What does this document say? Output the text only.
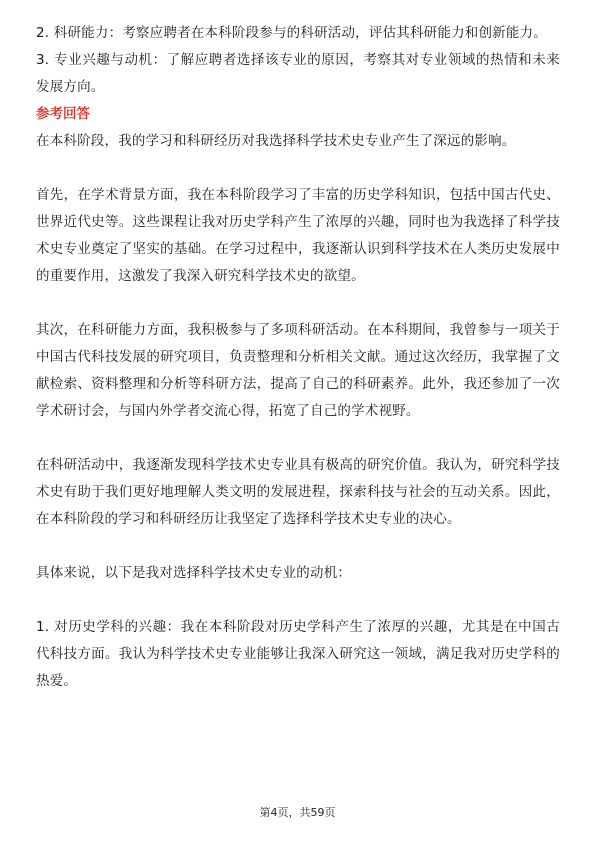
2. 科研能力：考察应聘者在本科阶段参与的科研活动，评估其科研能力和创新能力。

3. 专业兴趣与动机：了解应聘者选择该专业的原因，考察其对专业领域的热情和未来发展方向。

参考回答

在本科阶段，我的学习和科研经历对我选择科学技术史专业产生了深远的影响。

首先，在学术背景方面，我在本科阶段学习了丰富的历史学科知识，包括中国古代史、世界近代史等。这些课程让我对历史学科产生了浓厚的兴趣，同时也为我选择了科学技术史专业奠定了坚实的基础。在学习过程中，我逐渐认识到科学技术在人类历史发展中的重要作用，这激发了我深入研究科学技术史的欲望。

其次，在科研能力方面，我积极参与了多项科研活动。在本科期间，我曾参与一项关于中国古代科技发展的研究项目，负责整理和分析相关文献。通过这次经历，我掌握了文献检索、资料整理和分析等科研方法，提高了自己的科研素养。此外，我还参加了一次学术研讨会，与国内外学者交流心得，拓宽了自己的学术视野。

在科研活动中，我逐渐发现科学技术史专业具有极高的研究价值。我认为，研究科学技术史有助于我们更好地理解人类文明的发展进程，探索科技与社会的互动关系。因此，在本科阶段的学习和科研经历让我坚定了选择科学技术史专业的决心。

具体来说，以下是我对选择科学技术史专业的动机：

1. 对历史学科的兴趣：我在本科阶段对历史学科产生了浓厚的兴趣，尤其是在中国古代科技方面。我认为科学技术史专业能够让我深入研究这一领域，满足我对历史学科的热爱。

第4页，共59页
